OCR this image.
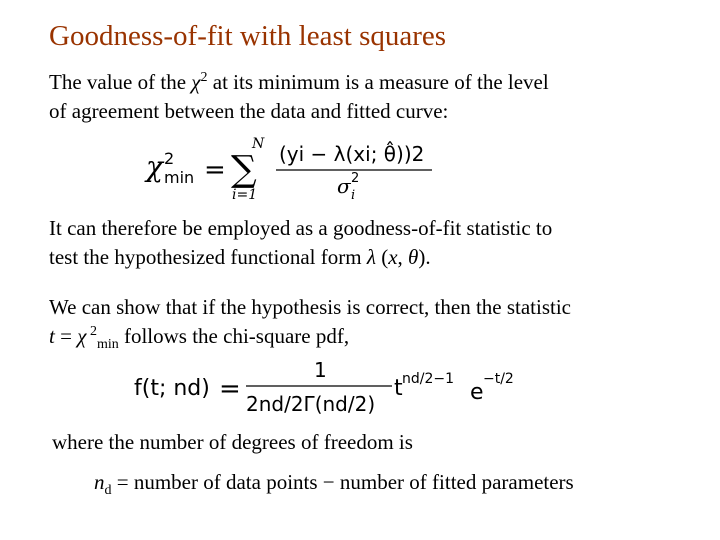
Goodness-of-fit with least squares
The value of the $\chi^2$ at its minimum is a measure of the level
of agreement between the data and fitted curve:
χ 2
min =
N
∑
i=1
(yi − λ(xi; θ̂))2
σ 2
i
It can therefore be employed as a goodness-of-fit statistic to
test the hypothesized functional form λ (x, θ).
We can show that if the hypothesis is correct, then the statistic
t = χ $^2_{min}$ follows the chi-square pdf,
f(t; nd) =
1
2nd/2Γ(nd/2)
t nd/2−1
e
−t/2
where the number of degrees of freedom is
$n_d$ = number of data points − number of fitted parameters
